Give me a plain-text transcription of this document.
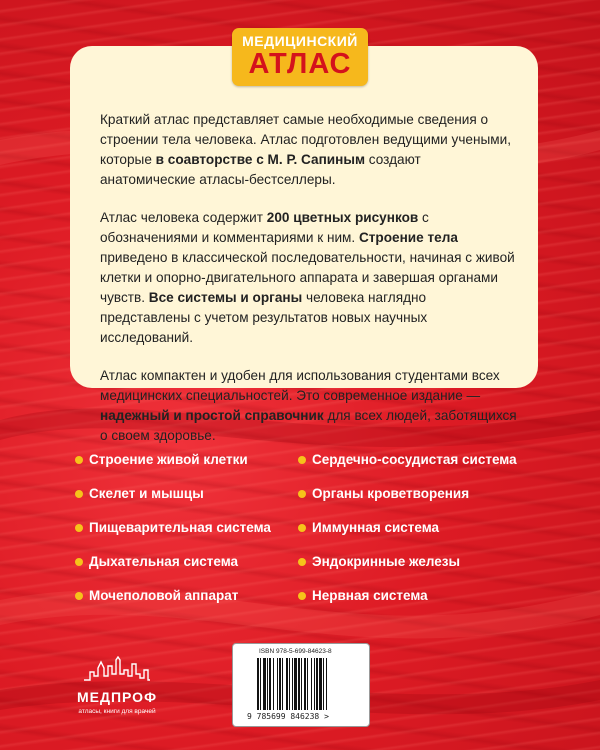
МЕДИЦИНСКИЙ
АТЛАС

Краткий атлас представляет самые необходимые сведения о строении тела человека. Атлас подготовлен ведущими учеными, которые в соавторстве с М. Р. Сапиным создают анатомические атласы-бестселлеры.

Атлас человека содержит 200 цветных рисунков с обозначениями и комментариями к ним. Строение тела приведено в классической последовательности, начиная с живой клетки и опорно-двигательного аппарата и завершая органами чувств. Все системы и органы человека наглядно представлены с учетом результатов новых научных исследований.

Атлас компактен и удобен для использования студентами всех медицинских специальностей. Это современное издание — надежный и простой справочник для всех людей, заботящихся о своем здоровье.

Строение живой клетки
Скелет и мышцы
Пищеварительная система
Дыхательная система
Мочеполовой аппарат
Сердечно-сосудистая система
Органы кроветворения
Иммунная система
Эндокринные железы
Нервная система
МЕДПРОФ
атласы, книги для врачей
ISBN 978-5-699-84623-8
9 785699 846238 >
